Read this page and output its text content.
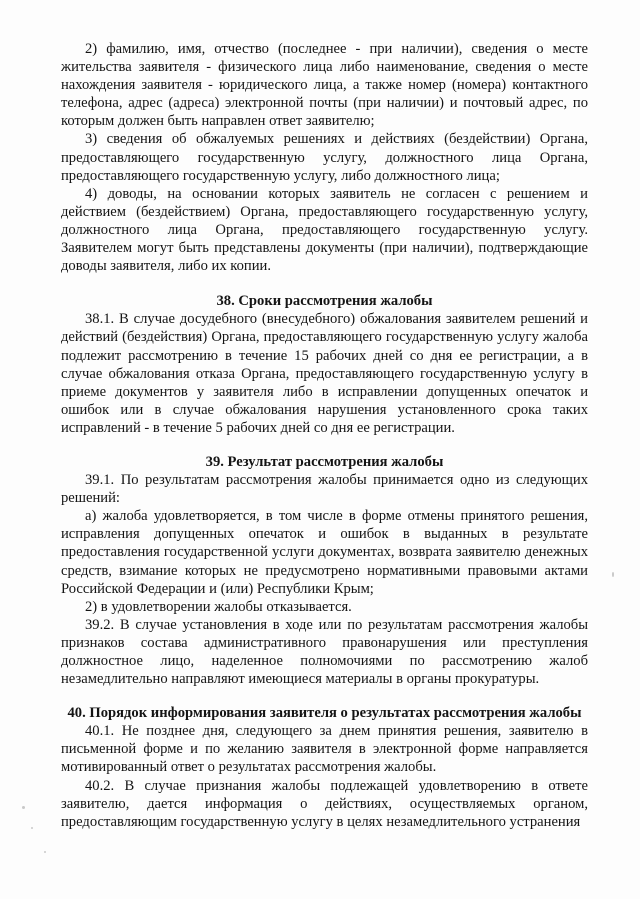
2) фамилию, имя, отчество (последнее - при наличии), сведения о месте жительства заявителя - физического лица либо наименование, сведения о месте нахождения заявителя - юридического лица, а также номер (номера) контактного телефона, адрес (адреса) электронной почты (при наличии) и почтовый адрес, по которым должен быть направлен ответ заявителю;

3) сведения об обжалуемых решениях и действиях (бездействии) Органа, предоставляющего государственную услугу, должностного лица Органа, предоставляющего государственную услугу, либо должностного лица;

4) доводы, на основании которых заявитель не согласен с решением и действием (бездействием) Органа, предоставляющего государственную услугу, должностного лица Органа, предоставляющего государственную услугу. Заявителем могут быть представлены документы (при наличии), подтверждающие доводы заявителя, либо их копии.

38. Сроки рассмотрения жалобы

38.1. В случае досудебного (внесудебного) обжалования заявителем решений и действий (бездействия) Органа, предоставляющего государственную услугу жалоба подлежит рассмотрению в течение 15 рабочих дней со дня ее регистрации, а в случае обжалования отказа Органа, предоставляющего государственную услугу в приеме документов у заявителя либо в исправлении допущенных опечаток и ошибок или в случае обжалования нарушения установленного срока таких исправлений - в течение 5 рабочих дней со дня ее регистрации.

39. Результат рассмотрения жалобы

39.1. По результатам рассмотрения жалобы принимается одно из следующих решений:

а) жалоба удовлетворяется, в том числе в форме отмены принятого решения, исправления допущенных опечаток и ошибок в выданных в результате предоставления государственной услуги документах, возврата заявителю денежных средств, взимание которых не предусмотрено нормативными правовыми актами Российской Федерации и (или) Республики Крым;

2) в удовлетворении жалобы отказывается.

39.2. В случае установления в ходе или по результатам рассмотрения жалобы признаков состава административного правонарушения или преступления должностное лицо, наделенное полномочиями по рассмотрению жалоб незамедлительно направляют имеющиеся материалы в органы прокуратуры.

40. Порядок информирования заявителя о результатах рассмотрения жалобы

40.1. Не позднее дня, следующего за днем принятия решения, заявителю в письменной форме и по желанию заявителя в электронной форме направляется мотивированный ответ о результатах рассмотрения жалобы.

40.2. В случае признания жалобы подлежащей удовлетворению в ответе заявителю, дается информация о действиях, осуществляемых органом, предоставляющим государственную услугу в целях незамедлительного устранения
